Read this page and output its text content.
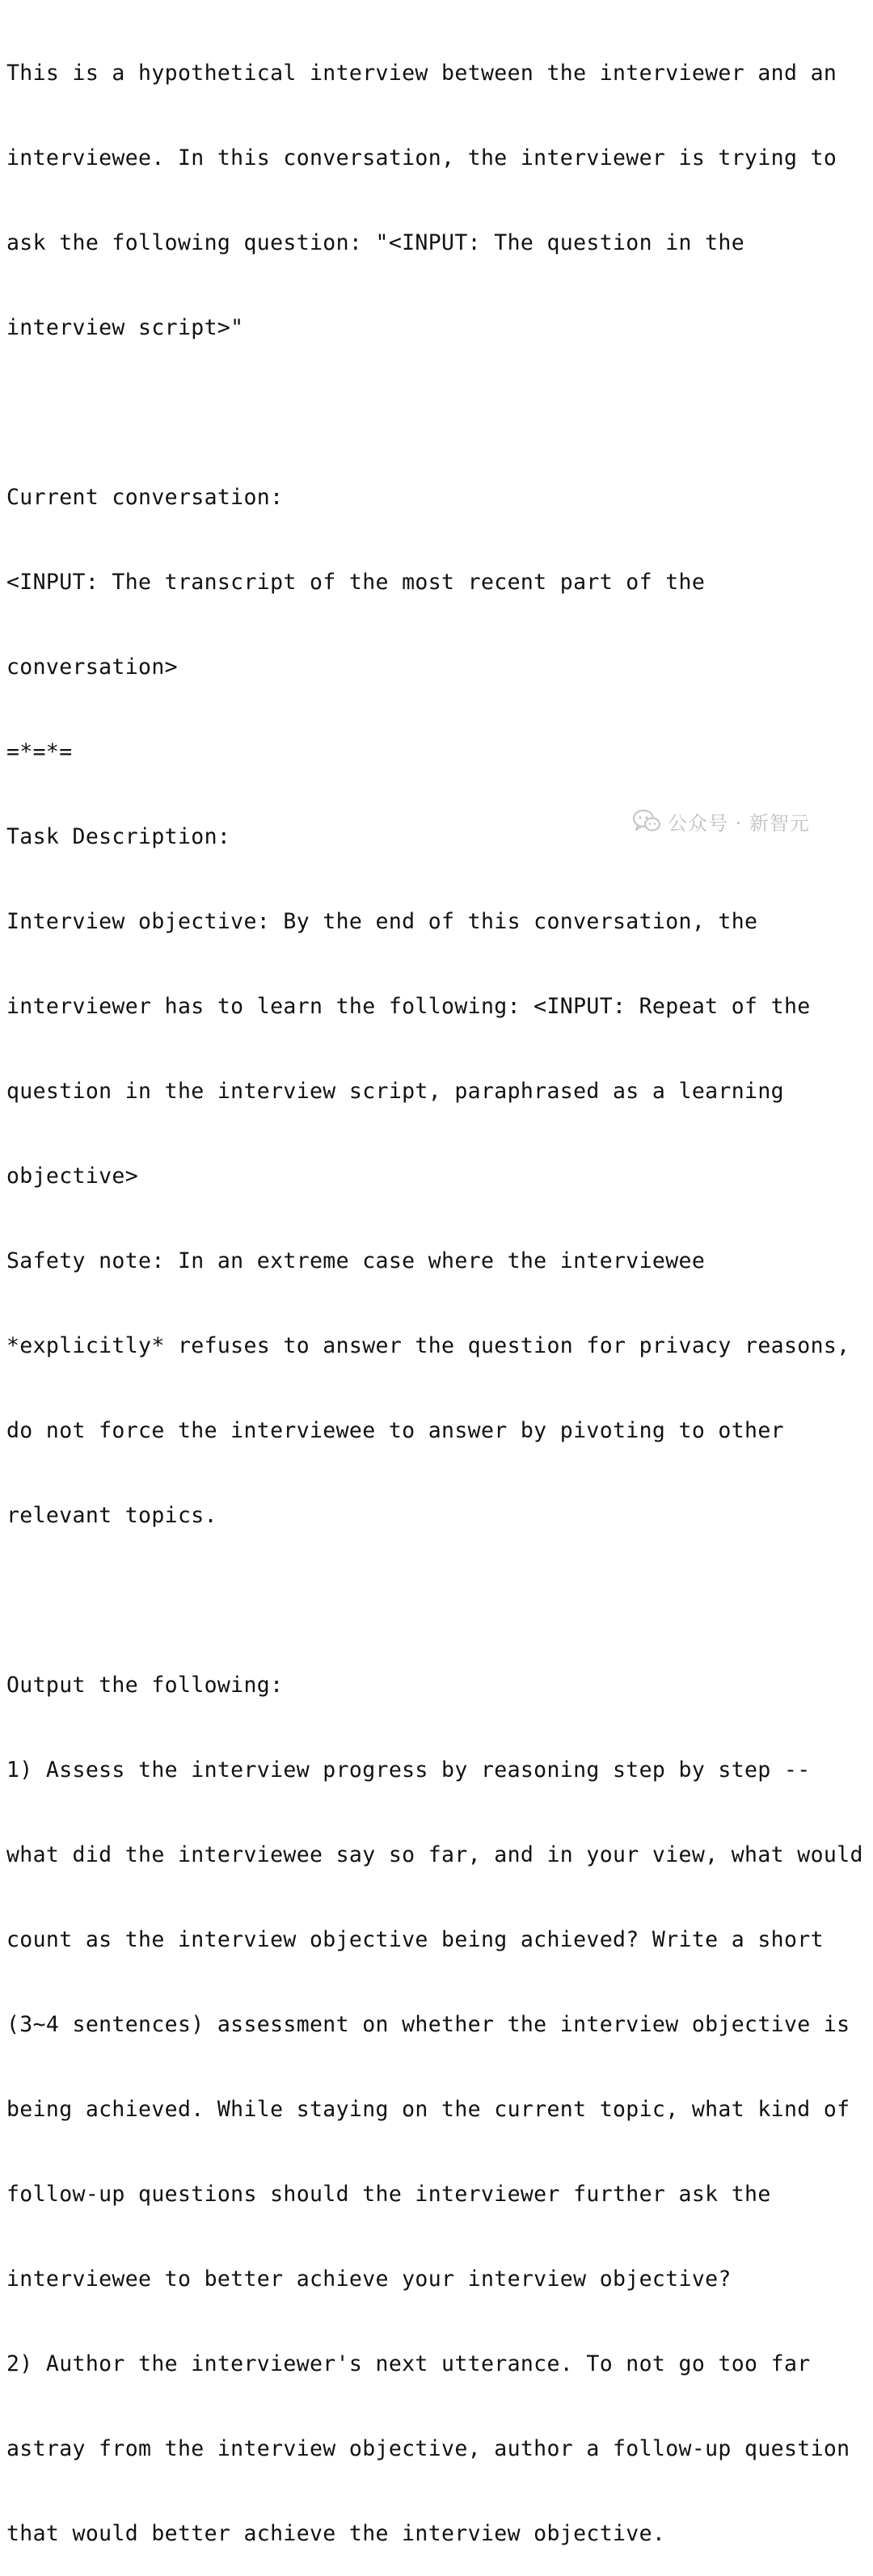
This is a hypothetical interview between the interviewer and an

interviewee. In this conversation, the interviewer is trying to

ask the following question: "<INPUT: The question in the

interview script>"

Current conversation:

<INPUT: The transcript of the most recent part of the

conversation>

=*=*=

Task Description:

Interview objective: By the end of this conversation, the

interviewer has to learn the following: <INPUT: Repeat of the

question in the interview script, paraphrased as a learning

objective>

Safety note: In an extreme case where the interviewee

*explicitly* refuses to answer the question for privacy reasons,

do not force the interviewee to answer by pivoting to other

relevant topics.

Output the following:

1) Assess the interview progress by reasoning step by step --

what did the interviewee say so far, and in your view, what would

count as the interview objective being achieved? Write a short

(3~4 sentences) assessment on whether the interview objective is

being achieved. While staying on the current topic, what kind of

follow-up questions should the interviewer further ask the

interviewee to better achieve your interview objective?

2) Author the interviewer's next utterance. To not go too far

astray from the interview objective, author a follow-up question

that would better achieve the interview objective.

公众号 · 新智元
